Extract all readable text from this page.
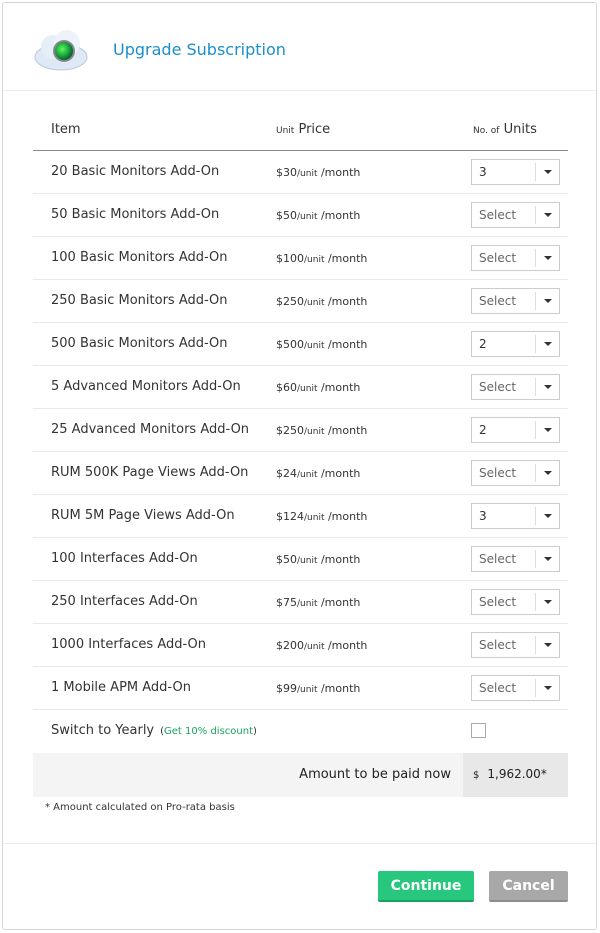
Upgrade Subscription
Item	Unit Price	No. of Units
20 Basic Monitors Add-On	$30/unit /month	3
50 Basic Monitors Add-On	$50/unit /month	Select
100 Basic Monitors Add-On	$100/unit /month	Select
250 Basic Monitors Add-On	$250/unit /month	Select
500 Basic Monitors Add-On	$500/unit /month	2
5 Advanced Monitors Add-On	$60/unit /month	Select
25 Advanced Monitors Add-On $250/unit /month	2
RUM 500K Page Views Add-On	$24/unit /month	Select
RUM 5M Page Views Add-On	$124/unit /month	3
100 Interfaces Add-On	$50/unit /month	Select
250 Interfaces Add-On	$75/unit /month	Select
1000 Interfaces Add-On	$200/unit /month	Select
1 Mobile APM Add-On	$99/unit /month	Select
Switch to Yearly (Get 10% discount)
Amount to be paid now	$ 1,962.00*
* Amount calculated on Pro-rata basis
Continue	Cancel
